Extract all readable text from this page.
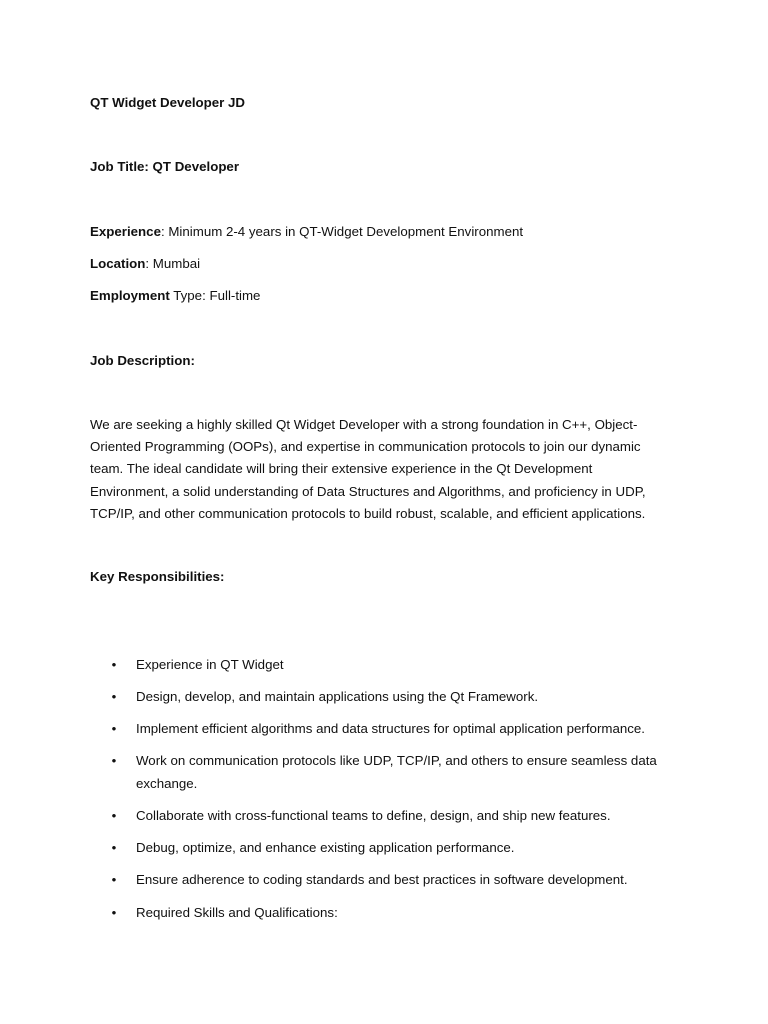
QT Widget Developer JD
Job Title: QT Developer
Experience: Minimum 2-4 years in QT-Widget Development Environment
Location: Mumbai
Employment Type: Full-time
Job Description:
We are seeking a highly skilled Qt Widget Developer with a strong foundation in C++, Object-
Oriented Programming (OOPs), and expertise in communication protocols to join our dynamic
team. The ideal candidate will bring their extensive experience in the Qt Development
Environment, a solid understanding of Data Structures and Algorithms, and proficiency in UDP,
TCP/IP, and other communication protocols to build robust, scalable, and efficient applications.
Key Responsibilities:
• Experience in QT Widget
• Design, develop, and maintain applications using the Qt Framework.
• Implement efficient algorithms and data structures for optimal application performance.
• Work on communication protocols like UDP, TCP/IP, and others to ensure seamless data
exchange.
• Collaborate with cross-functional teams to define, design, and ship new features.
• Debug, optimize, and enhance existing application performance.
• Ensure adherence to coding standards and best practices in software development.
• Required Skills and Qualifications:
